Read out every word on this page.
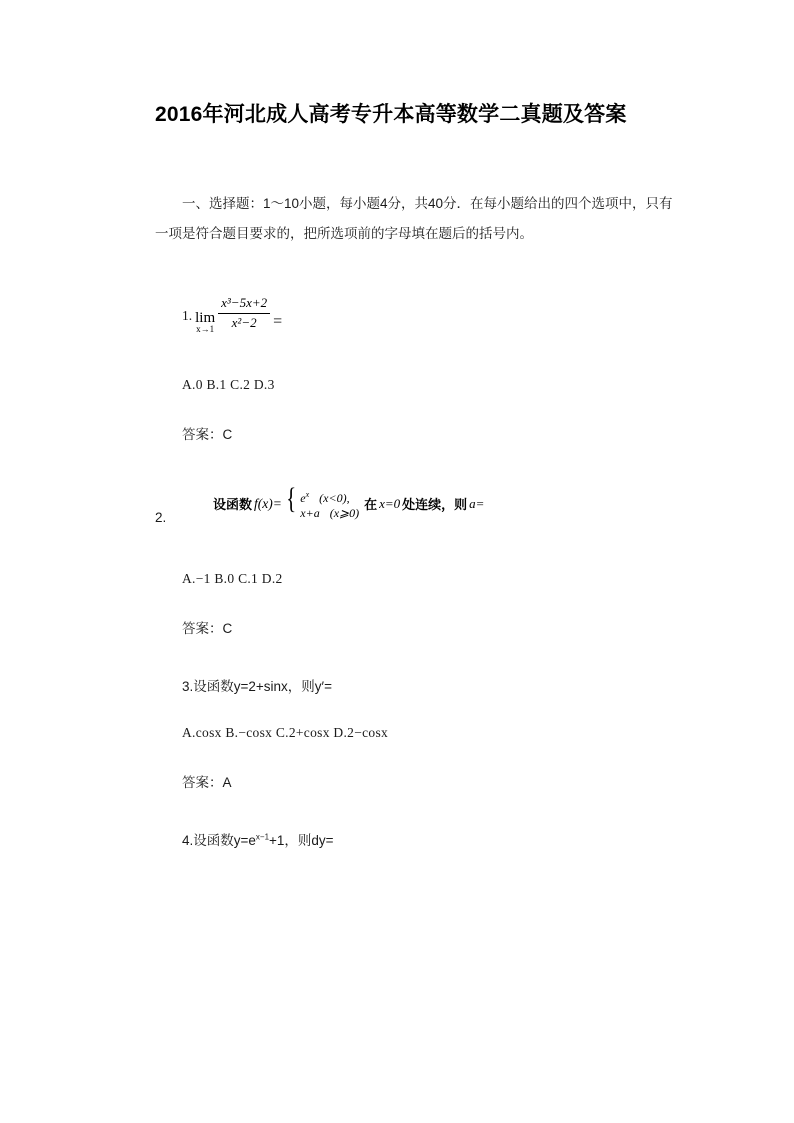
2016年河北成人高考专升本高等数学二真题及答案

一、选择题：1～10小题，每小题4分，共40分．在每小题给出的四个选项中，只有一项是符合题目要求的，把所选项前的字母填在题后的括号内。

1. lim
$x\to 1 \frac{\text{x³−5x+2}}{\text{x²−2}}$ =
A.0 B.1 C.2 D.3
答案：C
2.
设函数 f(x)= { $e^x$ (x<0),
x+a (x⩾0)
在 x=0 处连续，则 a=
A.−1 B.0 C.1 D.2
答案：C
3.设函数y=2+sinx，则y′=
A.cosx B.−cosx C.2+cosx D.2−cosx
答案：A
4.设函数$y=e^{x-1}+1$，则dy=
